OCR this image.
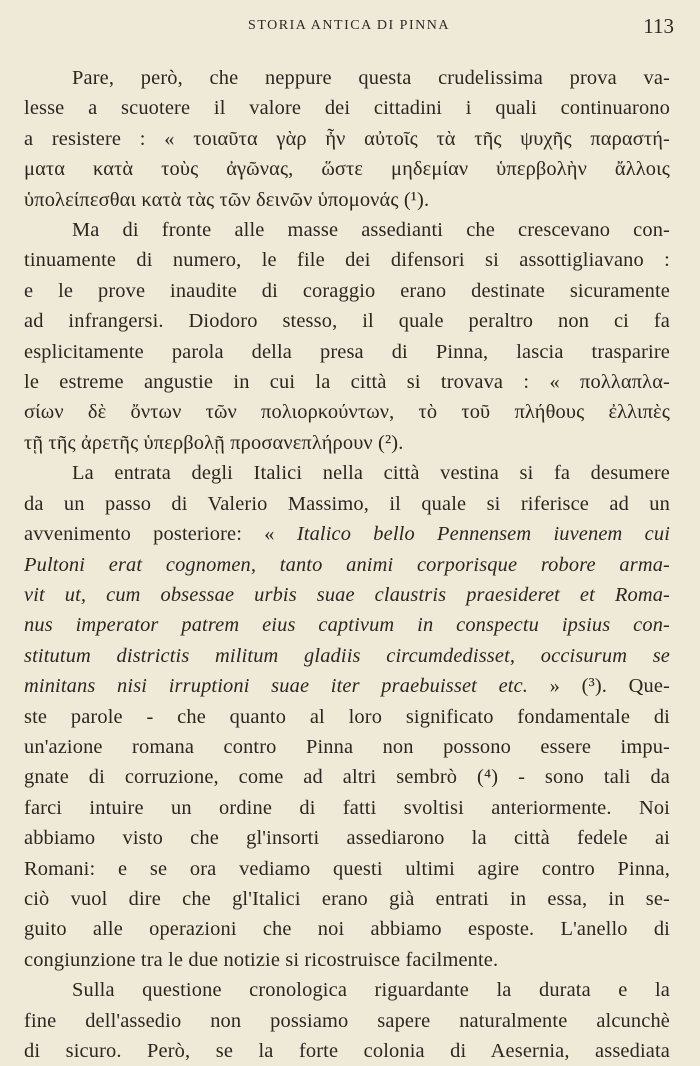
STORIA ANTICA DI PINNA	113

Pare, però, che neppure questa crudelissima prova va-
lesse a scuotere il valore dei cittadini i quali continuarono
a resistere : « τοιαῦτα γὰρ ἦν αὐτοῖς τὰ τῆς ψυχῆς παραστή-
ματα κατὰ τοὺς ἀγῶνας, ὥστε μηδεμίαν ὑπερβολὴν ἄλλοις
ὑπολείπεσθαι κατὰ τὰς τῶν δεινῶν ὑπομονάς (¹).

Ma di fronte alle masse assedianti che crescevano con-
tinuamente di numero, le file dei difensori si assottigliavano :
e le prove inaudite di coraggio erano destinate sicuramente
ad infrangersi. Diodoro stesso, il quale peraltro non ci fa
esplicitamente parola della presa di Pinna, lascia trasparire
le estreme angustie in cui la città si trovava : « πολλαπλα-
σίων δὲ ὄντων τῶν πολιορκούντων, τὸ τοῦ πλήθους ἐλλιπὲς
τῇ τῆς ἀρετῆς ὑπερβολῇ προσανεπλήρουν (²).

La entrata degli Italici nella città vestina si fa desumere
da un passo di Valerio Massimo, il quale si riferisce ad un
avvenimento posteriore: « Italico bello Pennensem iuvenem cui
Pultoni erat cognomen, tanto animi corporisque robore arma-
vit ut, cum obsessae urbis suae claustris praesideret et Roma-
nus imperator patrem eius captivum in conspectu ipsius con-
stitutum districtis militum gladiis circumdedisset, occisurum se
minitans nisi irruptioni suae iter praebuisset etc. » (³). Que-
ste parole - che quanto al loro significato fondamentale di
un'azione romana contro Pinna non possono essere impu-
gnate di corruzione, come ad altri sembrò (⁴) - sono tali da
farci intuire un ordine di fatti svoltisi anteriormente. Noi
abbiamo visto che gl'insorti assediarono la città fedele ai
Romani: e se ora vediamo questi ultimi agire contro Pinna,
ciò vuol dire che gl'Italici erano già entrati in essa, in se-
guito alle operazioni che noi abbiamo esposte. L'anello di
congiunzione tra le due notizie si ricostruisce facilmente.

Sulla questione cronologica riguardante la durata e la
fine dell'assedio non possiamo sapere naturalmente alcunchè
di sicuro. Però, se la forte colonia di Aesernia, assediata
